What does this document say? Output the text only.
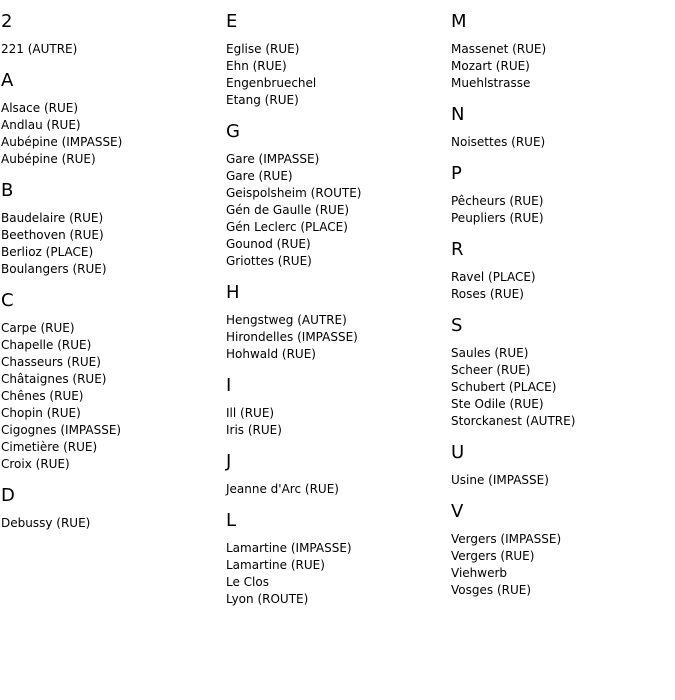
2
221 (AUTRE)
A
Alsace (RUE)
Andlau (RUE)
Aubépine (IMPASSE)
Aubépine (RUE)
B
Baudelaire (RUE)
Beethoven (RUE)
Berlioz (PLACE)
Boulangers (RUE)
C
Carpe (RUE)
Chapelle (RUE)
Chasseurs (RUE)
Châtaignes (RUE)
Chênes (RUE)
Chopin (RUE)
Cigognes (IMPASSE)
Cimetière (RUE)
Croix (RUE)
D
Debussy (RUE)
E
Eglise (RUE)
Ehn (RUE)
Engenbruechel
Etang (RUE)
G
Gare (IMPASSE)
Gare (RUE)
Geispolsheim (ROUTE)
Gén de Gaulle (RUE)
Gén Leclerc (PLACE)
Gounod (RUE)
Griottes (RUE)
H
Hengstweg (AUTRE)
Hirondelles (IMPASSE)
Hohwald (RUE)
I
Ill (RUE)
Iris (RUE)
J
Jeanne d'Arc (RUE)
L
Lamartine (IMPASSE)
Lamartine (RUE)
Le Clos
Lyon (ROUTE)
M
Massenet (RUE)
Mozart (RUE)
Muehlstrasse
N
Noisettes (RUE)
P
Pêcheurs (RUE)
Peupliers (RUE)
R
Ravel (PLACE)
Roses (RUE)
S
Saules (RUE)
Scheer (RUE)
Schubert (PLACE)
Ste Odile (RUE)
Storckanest (AUTRE)
U
Usine (IMPASSE)
V
Vergers (IMPASSE)
Vergers (RUE)
Viehwerb
Vosges (RUE)
